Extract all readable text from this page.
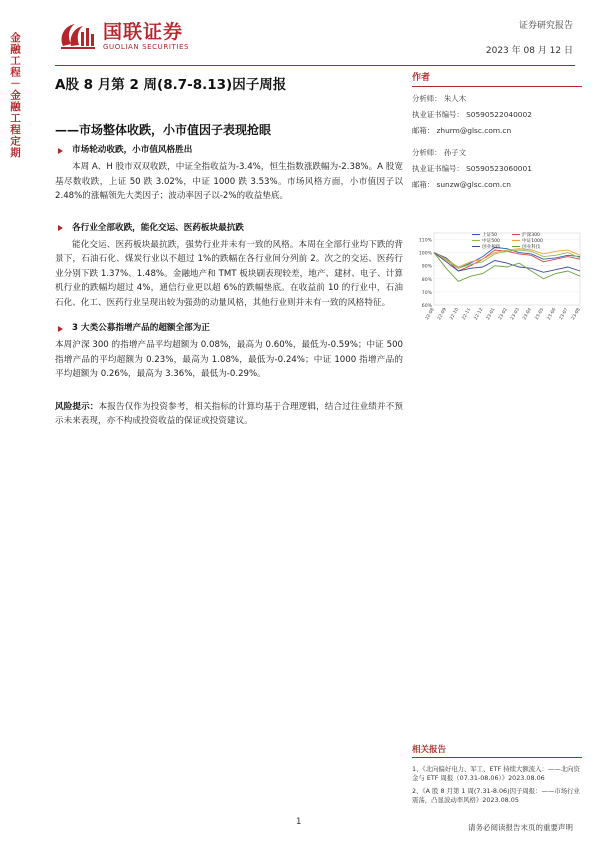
金融工程－金融工程定期
国联证券
GUOLIAN SECURITIES
证券研究报告
2023 年 08 月 12 日
A股 8 月第 2 周(8.7-8.13)因子周报
——市场整体收跌，小市值因子表现抢眼
市场轮动收跌，小市值风格胜出
本周 A、H 股市双双收跌，中证全指收益为-3.4%，恒生指数涨跌幅为-2.38%。A 股宽基尽数收跌，上证 50 跌 3.02%，中证 1000 跌 3.53%。市场风格方面，小市值因子以 2.48%的涨幅领先大类因子；波动率因子以-2%的收益垫底。
各行业全部收跌，能化交运、医药板块最抗跌
能化交运、医药板块最抗跌，强势行业并未有一致的风格。本周在全部行业均下跌的背景下，石油石化、煤炭行业以不超过 1%的跌幅在各行业间分列前 2。次之的交运、医药行业分别下跌 1.37%、1.48%。金融地产和 TMT 板块刷表现较差，地产、建材、电子、计算机行业的跌幅均超过 4%，通信行业更以超 6%的跌幅垫底。在收益前 10 的行业中，石油石化、化工、医药行业呈现出较为强劲的动量风格，其他行业则并未有一致的风格特征。
3 大类公募指增产品的超额全部为正
本周沪深 300 的指增产品平均超额为 0.08%，最高为 0.60%，最低为-0.59%；中证 500 指增产品的平均超额为 0.23%，最高为 1.08%，最低为-0.24%；中证 1000 指增产品的平均超额为 0.26%，最高为 3.36%，最低为-0.29%。
风险提示：本报告仅作为投资参考，相关指标的计算均基于合理逻辑，结合过往业绩并不预示未来表现，亦不构成投资收益的保证或投资建议。
作者
分析师： 朱人木
执业证书编号： S0590522040002
邮箱： zhurm@glsc.com.cn
分析师： 孙子文
执业证书编号： S0590523060001
邮箱： sunzw@glsc.com.cn
110%
100%
90%
80%
70%
60%
22-08 22-09 22-10 22-11 22-12 23-01 23-02 23-03 23-04 23-05 23-06 23-07 23-08
上证50	沪深300
中证500	中证1000
创业板指	创业科技
相关报告
1、《北向偏好电力、军工、ETF 持续大额流入：——北向资金与 ETF 周报（07.31-08.06）》2023.08.06
2、《A 股 8 月第 1 周(7.31-8.06)因子周报：——市场行业震荡，凸显波动率风格》2023.08.05
1
请务必阅读报告末页的重要声明
